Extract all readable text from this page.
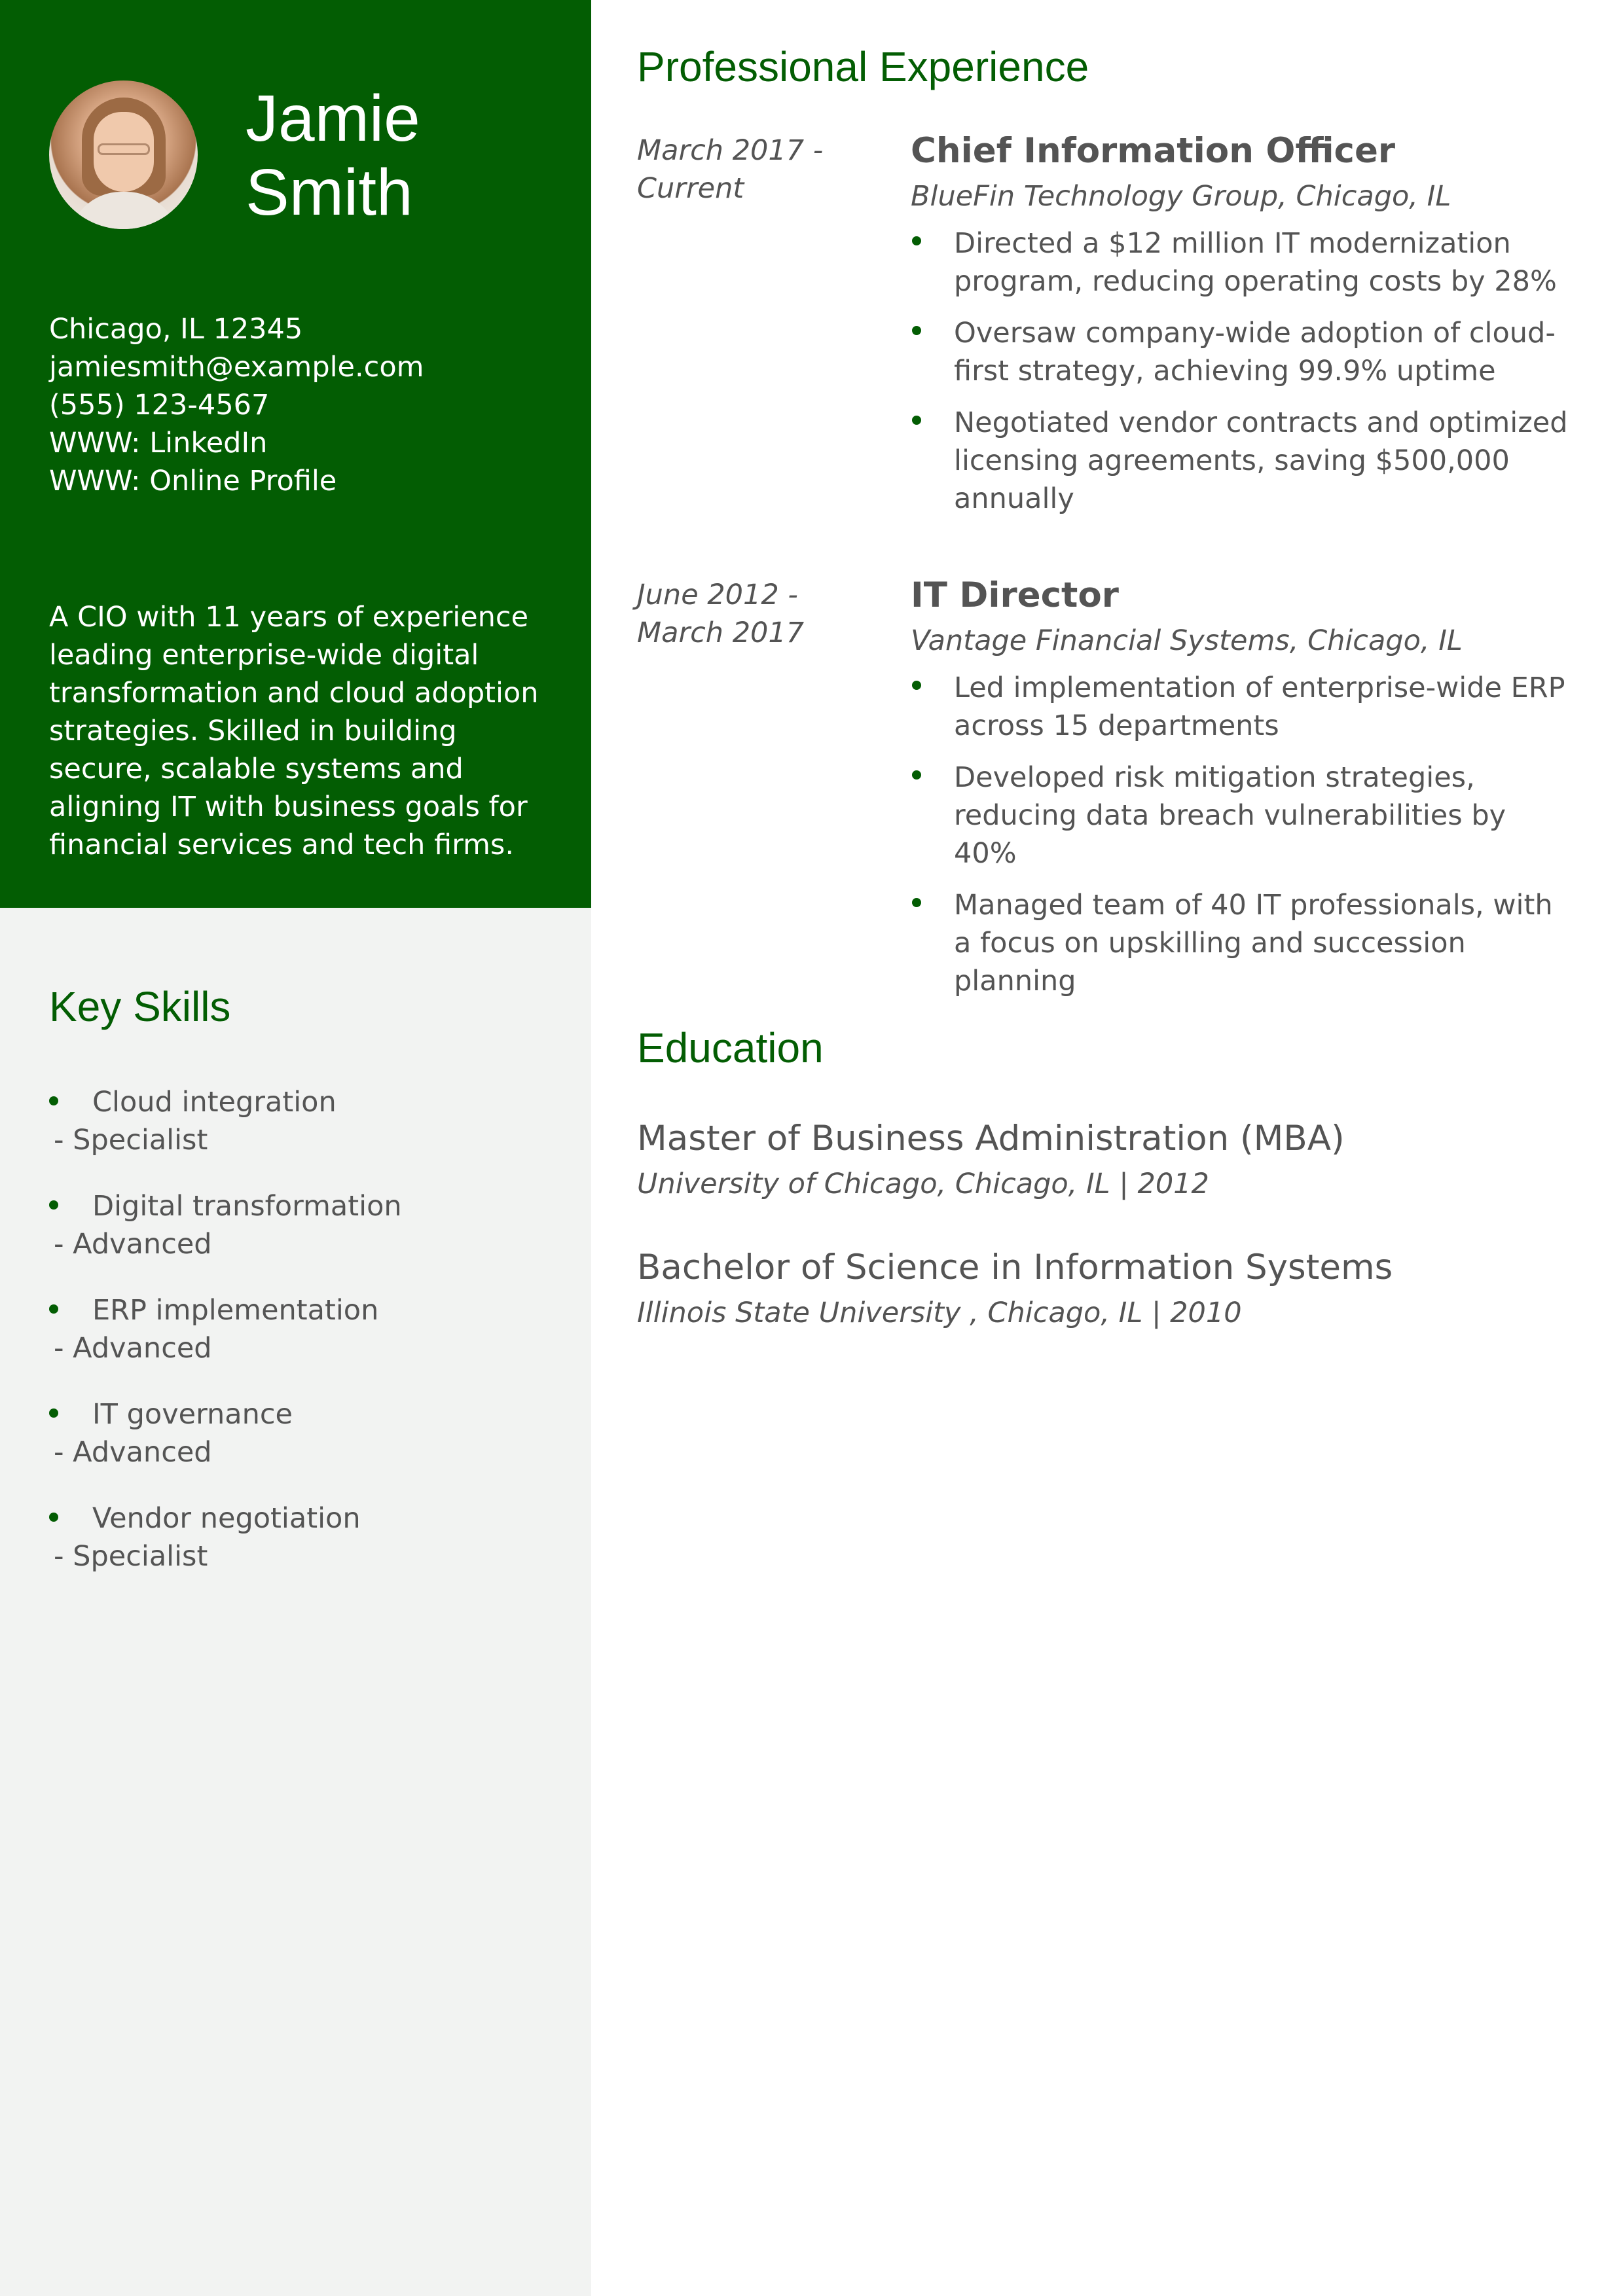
Jamie
Smith
Chicago, IL 12345
jamiesmith@example.com
(555) 123-4567
WWW: LinkedIn
WWW: Online Profile
A CIO with 11 years of experience leading enterprise-wide digital transformation and cloud adoption strategies. Skilled in building secure, scalable systems and aligning IT with business goals for financial services and tech firms.
Key Skills
Cloud integration
- Specialist
Digital transformation
- Advanced
ERP implementation
- Advanced
IT governance
- Advanced
Vendor negotiation
- Specialist
Professional Experience
March 2017 - Current
Chief Information Officer
BlueFin Technology Group, Chicago, IL
Directed a $12 million IT modernization program, reducing operating costs by 28%
Oversaw company-wide adoption of cloud-first strategy, achieving 99.9% uptime
Negotiated vendor contracts and optimized licensing agreements, saving $500,000 annually
June 2012 - March 2017
IT Director
Vantage Financial Systems, Chicago, IL
Led implementation of enterprise-wide ERP across 15 departments
Developed risk mitigation strategies, reducing data breach vulnerabilities by 40%
Managed team of 40 IT professionals, with a focus on upskilling and succession planning
Education
Master of Business Administration (MBA)
University of Chicago, Chicago, IL | 2012
Bachelor of Science in Information Systems
Illinois State University , Chicago, IL | 2010
